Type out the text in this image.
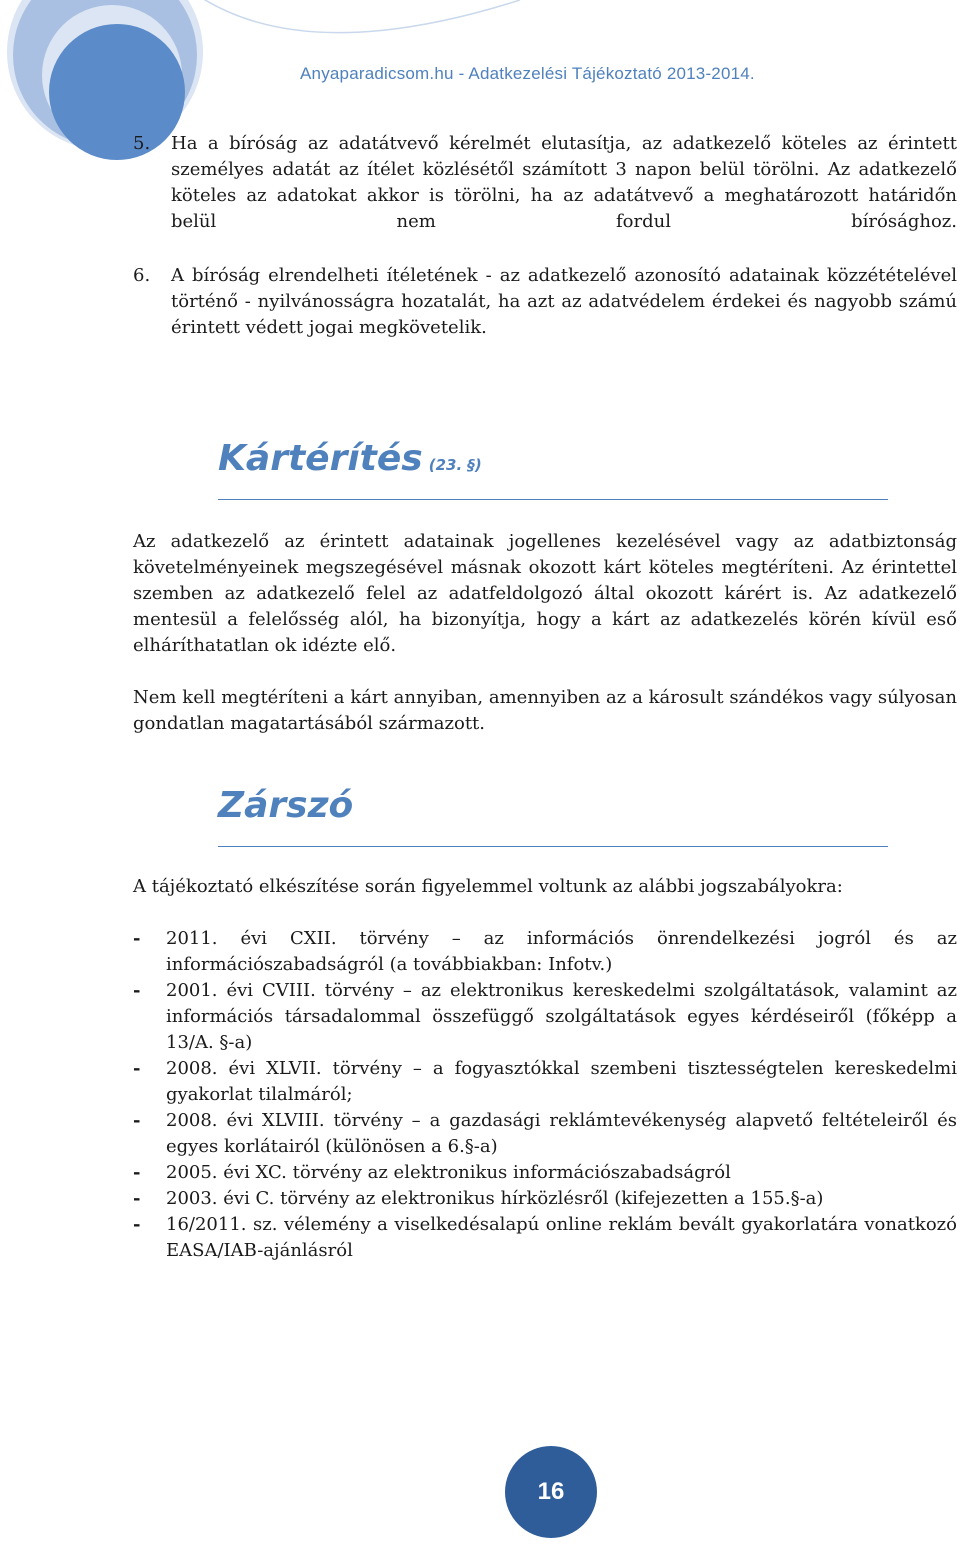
Anyaparadicsom.hu - Adatkezelési Tájékoztató 2013-2014.
5. Ha a bíróság az adatátvevő kérelmét elutasítja, az adatkezelő köteles az érintett személyes adatát az ítélet közlésétől számított 3 napon belül törölni. Az adatkezelő köteles az adatokat akkor is törölni, ha az adatátvevő a meghatározott határidőn belül nem fordul bírósághoz.
6. A bíróság elrendelheti ítéletének - az adatkezelő azonosító adatainak közzétételével történő - nyilvánosságra hozatalát, ha azt az adatvédelem érdekei és nagyobb számú érintett védett jogai megkövetelik.
Kártérítés (23. §)
Az adatkezelő az érintett adatainak jogellenes kezelésével vagy az adatbiztonság követelményeinek megszegésével másnak okozott kárt köteles megtéríteni. Az érintettel szemben az adatkezelő felel az adatfeldolgozó által okozott kárért is. Az adatkezelő mentesül a felelősség alól, ha bizonyítja, hogy a kárt az adatkezelés körén kívül eső elháríthatatlan ok idézte elő.
Nem kell megtéríteni a kárt annyiban, amennyiben az a károsult szándékos vagy súlyosan gondatlan magatartásából származott.
Zárszó
A tájékoztató elkészítése során figyelemmel voltunk az alábbi jogszabályokra:
- 2011. évi CXII. törvény – az információs önrendelkezési jogról és az információszabadságról (a továbbiakban: Infotv.)
- 2001. évi CVIII. törvény – az elektronikus kereskedelmi szolgáltatások, valamint az információs társadalommal összefüggő szolgáltatások egyes kérdéseiről (főképp a 13/A. §-a)
- 2008. évi XLVII. törvény – a fogyasztókkal szembeni tisztességtelen kereskedelmi gyakorlat tilalmáról;
- 2008. évi XLVIII. törvény – a gazdasági reklámtevékenység alapvető feltételeiről és egyes korlátairól (különösen a 6.§-a)
- 2005. évi XC. törvény az elektronikus információszabadságról
- 2003. évi C. törvény az elektronikus hírközlésről (kifejezetten a 155.§-a)
- 16/2011. sz. vélemény a viselkedésalapú online reklám bevált gyakorlatára vonatkozó EASA/IAB-ajánlásról
16
